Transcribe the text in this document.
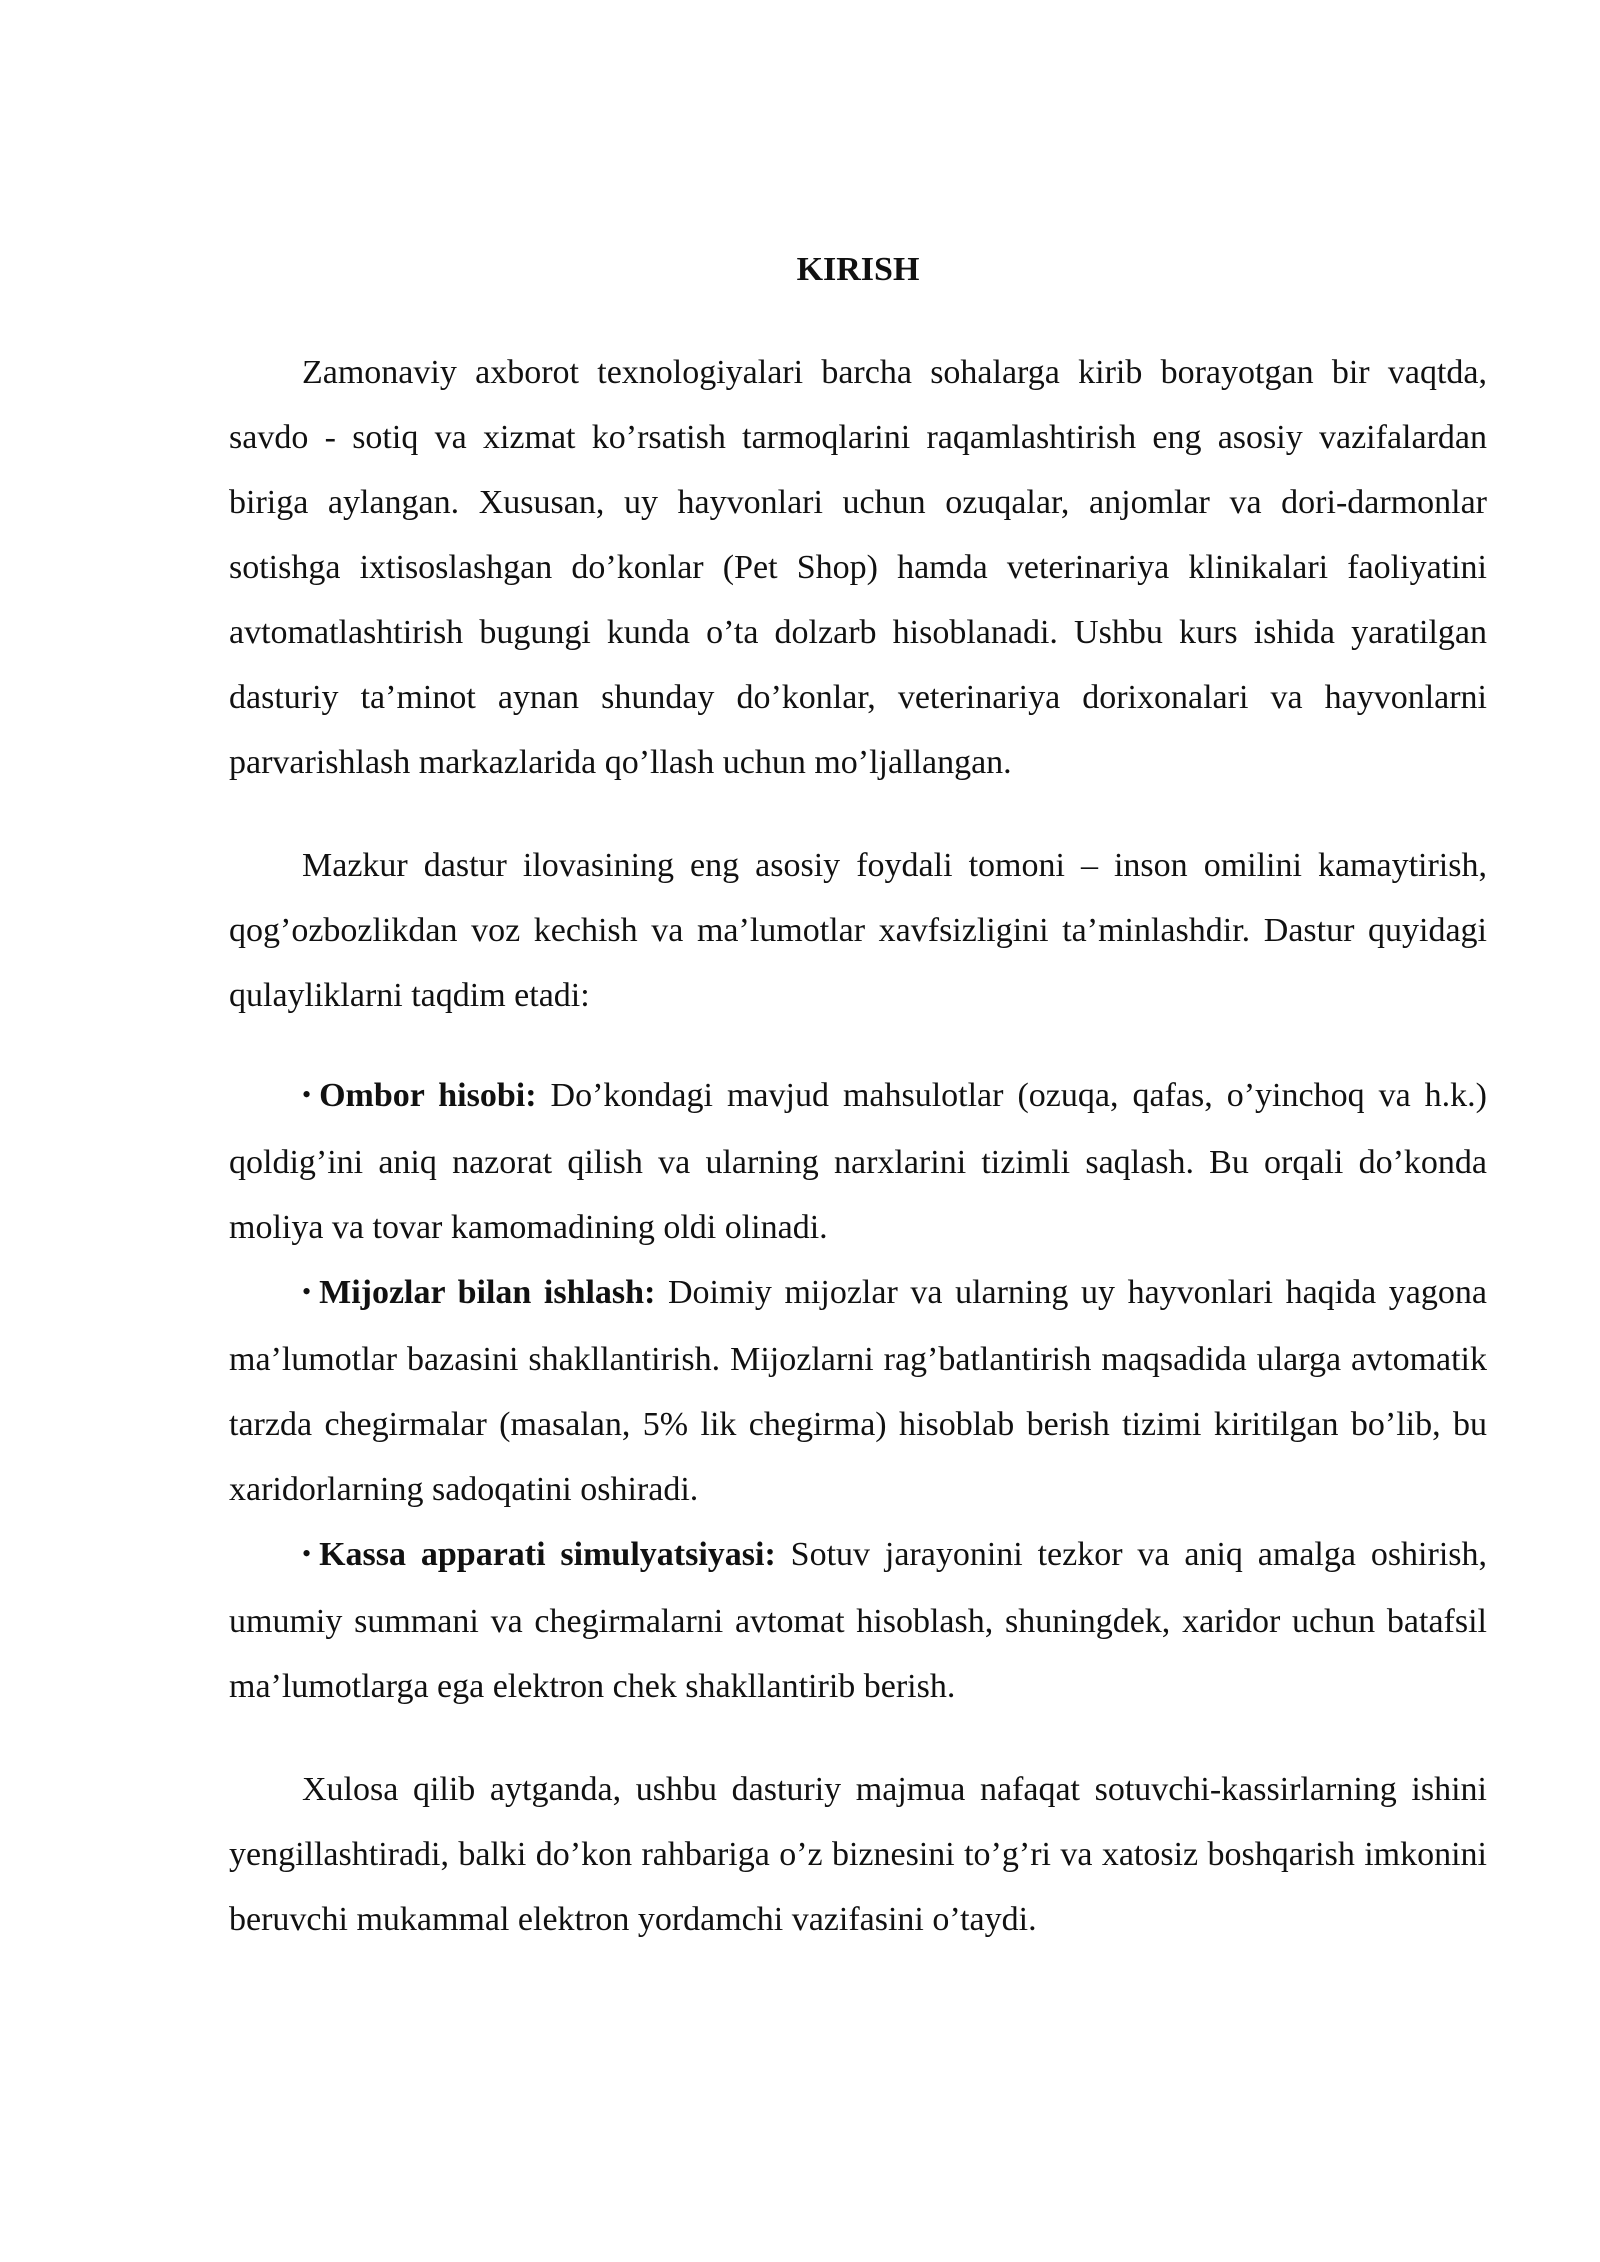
KIRISH

Zamonaviy axborot texnologiyalari barcha sohalarga kirib borayotgan bir vaqtda, savdo - sotiq va xizmat ko’rsatish tarmoqlarini raqamlashtirish eng asosiy vazifalardan biriga aylangan. Xususan, uy hayvonlari uchun ozuqalar, anjomlar va dori-darmonlar sotishga ixtisoslashgan do’konlar (Pet Shop) hamda veterinariya klinikalari faoliyatini avtomatlashtirish bugungi kunda o’ta dolzarb hisoblanadi. Ushbu kurs ishida yaratilgan dasturiy ta’minot aynan shunday do’konlar, veterinariya dorixonalari va hayvonlarni parvarishlash markazlarida qo’llash uchun mo’ljallangan.

Mazkur dastur ilovasining eng asosiy foydali tomoni – inson omilini kamaytirish, qog’ozbozlikdan voz kechish va ma’lumotlar xavfsizligini ta’minlashdir. Dastur quyidagi qulayliklarni taqdim etadi:

• Ombor hisobi: Do’kondagi mavjud mahsulotlar (ozuqa, qafas, o’yinchoq va h.k.) qoldig’ini aniq nazorat qilish va ularning narxlarini tizimli saqlash. Bu orqali do’konda moliya va tovar kamomadining oldi olinadi.
• Mijozlar bilan ishlash: Doimiy mijozlar va ularning uy hayvonlari haqida yagona ma’lumotlar bazasini shakllantirish. Mijozlarni rag’batlantirish maqsadida ularga avtomatik tarzda chegirmalar (masalan, 5% lik chegirma) hisoblab berish tizimi kiritilgan bo’lib, bu xaridorlarning sadoqatini oshiradi.
• Kassa apparati simulyatsiyasi: Sotuv jarayonini tezkor va aniq amalga oshirish, umumiy summani va chegirmalarni avtomat hisoblash, shuningdek, xaridor uchun batafsil ma’lumotlarga ega elektron chek shakllantirib berish.

Xulosa qilib aytganda, ushbu dasturiy majmua nafaqat sotuvchi-kassirlarning ishini yengillashtiradi, balki do’kon rahbariga o’z biznesini to’g’ri va xatosiz boshqarish imkonini beruvchi mukammal elektron yordamchi vazifasini o’taydi.
